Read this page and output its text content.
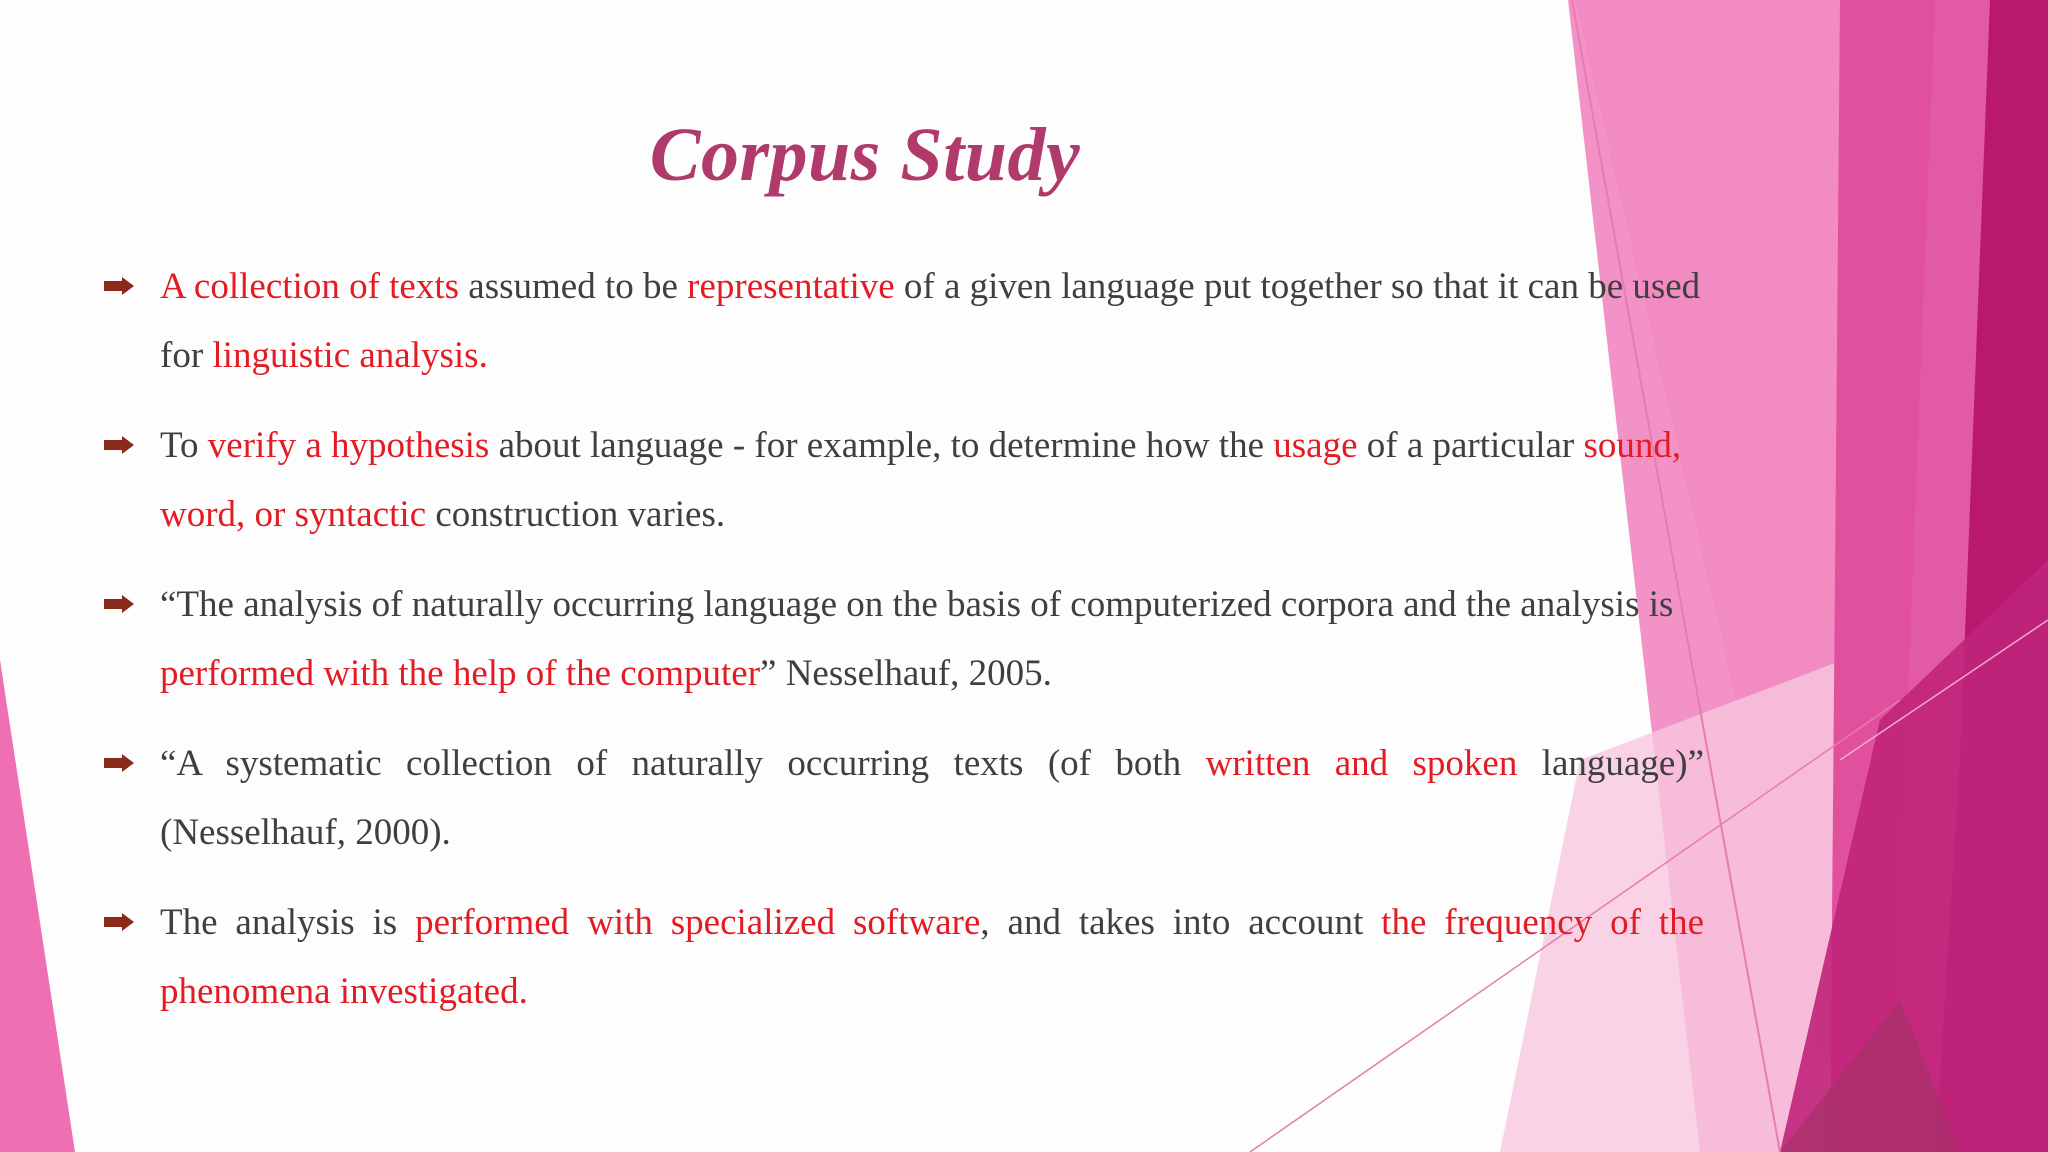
Corpus Study
A collection of texts assumed to be representative of a given language put together so that it can be used for linguistic analysis.
To verify a hypothesis about language - for example, to determine how the usage of a particular sound, word, or syntactic construction varies.
“The analysis of naturally occurring language on the basis of computerized corpora and the analysis is performed with the help of the computer” Nesselhauf, 2005.
“A systematic collection of naturally occurring texts (of both written and spoken language)” (Nesselhauf, 2000).
The analysis is performed with specialized software, and takes into account the frequency of the phenomena investigated.
